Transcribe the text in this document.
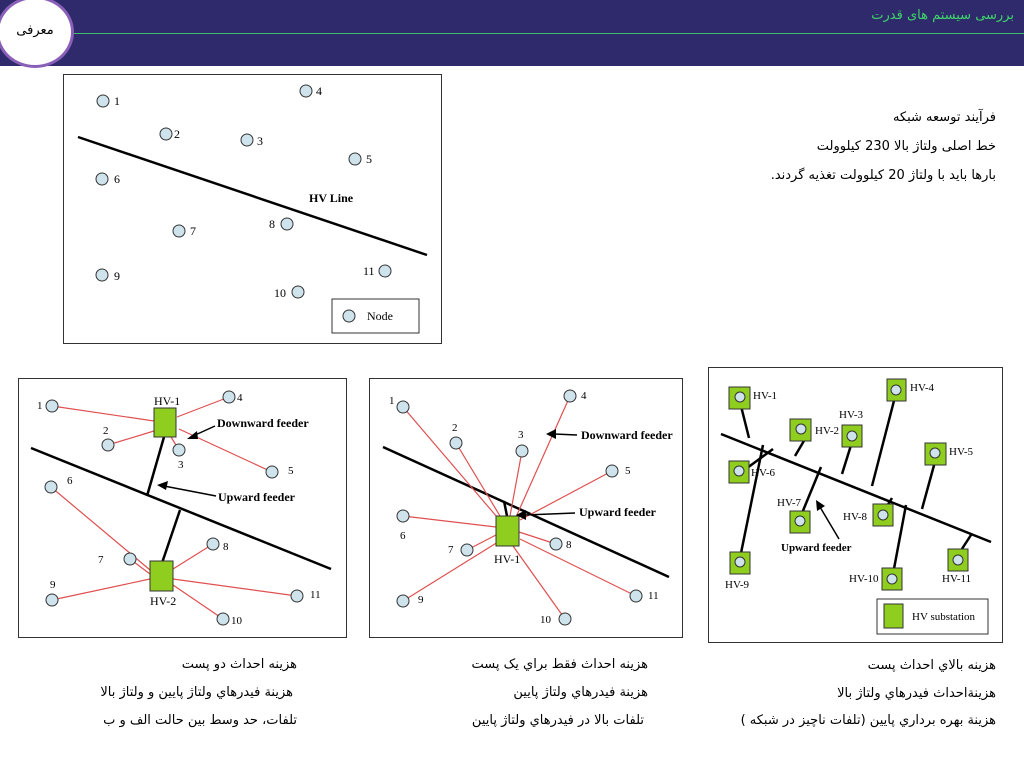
بررسی سیستم های قدرت
معرفی
فرآيند توسعه شبکه
خط اصلی ولتاژ بالا 230 کیلوولت
بارها باید با ولتاژ 20 کیلوولت تغذیه گردند.
HV Line
1
2	3
4
5
6
7	8
9
10
11
Node
HV-1
HV-2
1
2
3
4
5
6
7
8
9
10
11
Downward feeder
Upward feeder
HV-1
1
2
3
4
5
6
7	8
9
10
11
Downward feeder
Upward feeder
HV-1
HV-2
HV-3
HV-4
HV-5
HV-6
HV-7
HV-8
HV-9	HV-10	HV-11
Upward feeder
HV substation
هزینه احداث دو پست
هزینة فیدرهاي ولتاژ پایین و ولتاژ بالا
تلفات، حد وسط بین حالت الف و ب
هزینه احداث فقط براي یک پست
هزینة فیدرهاي ولتاژ پایین
تلفات بالا در فیدرهاي ولتاژ پایین
هزینه بالاي احداث پست
هزینةاحداث فیدرهاي ولتاژ بالا
هزینة بهره برداري پایین (تلفات ناچیز در شبکه )
